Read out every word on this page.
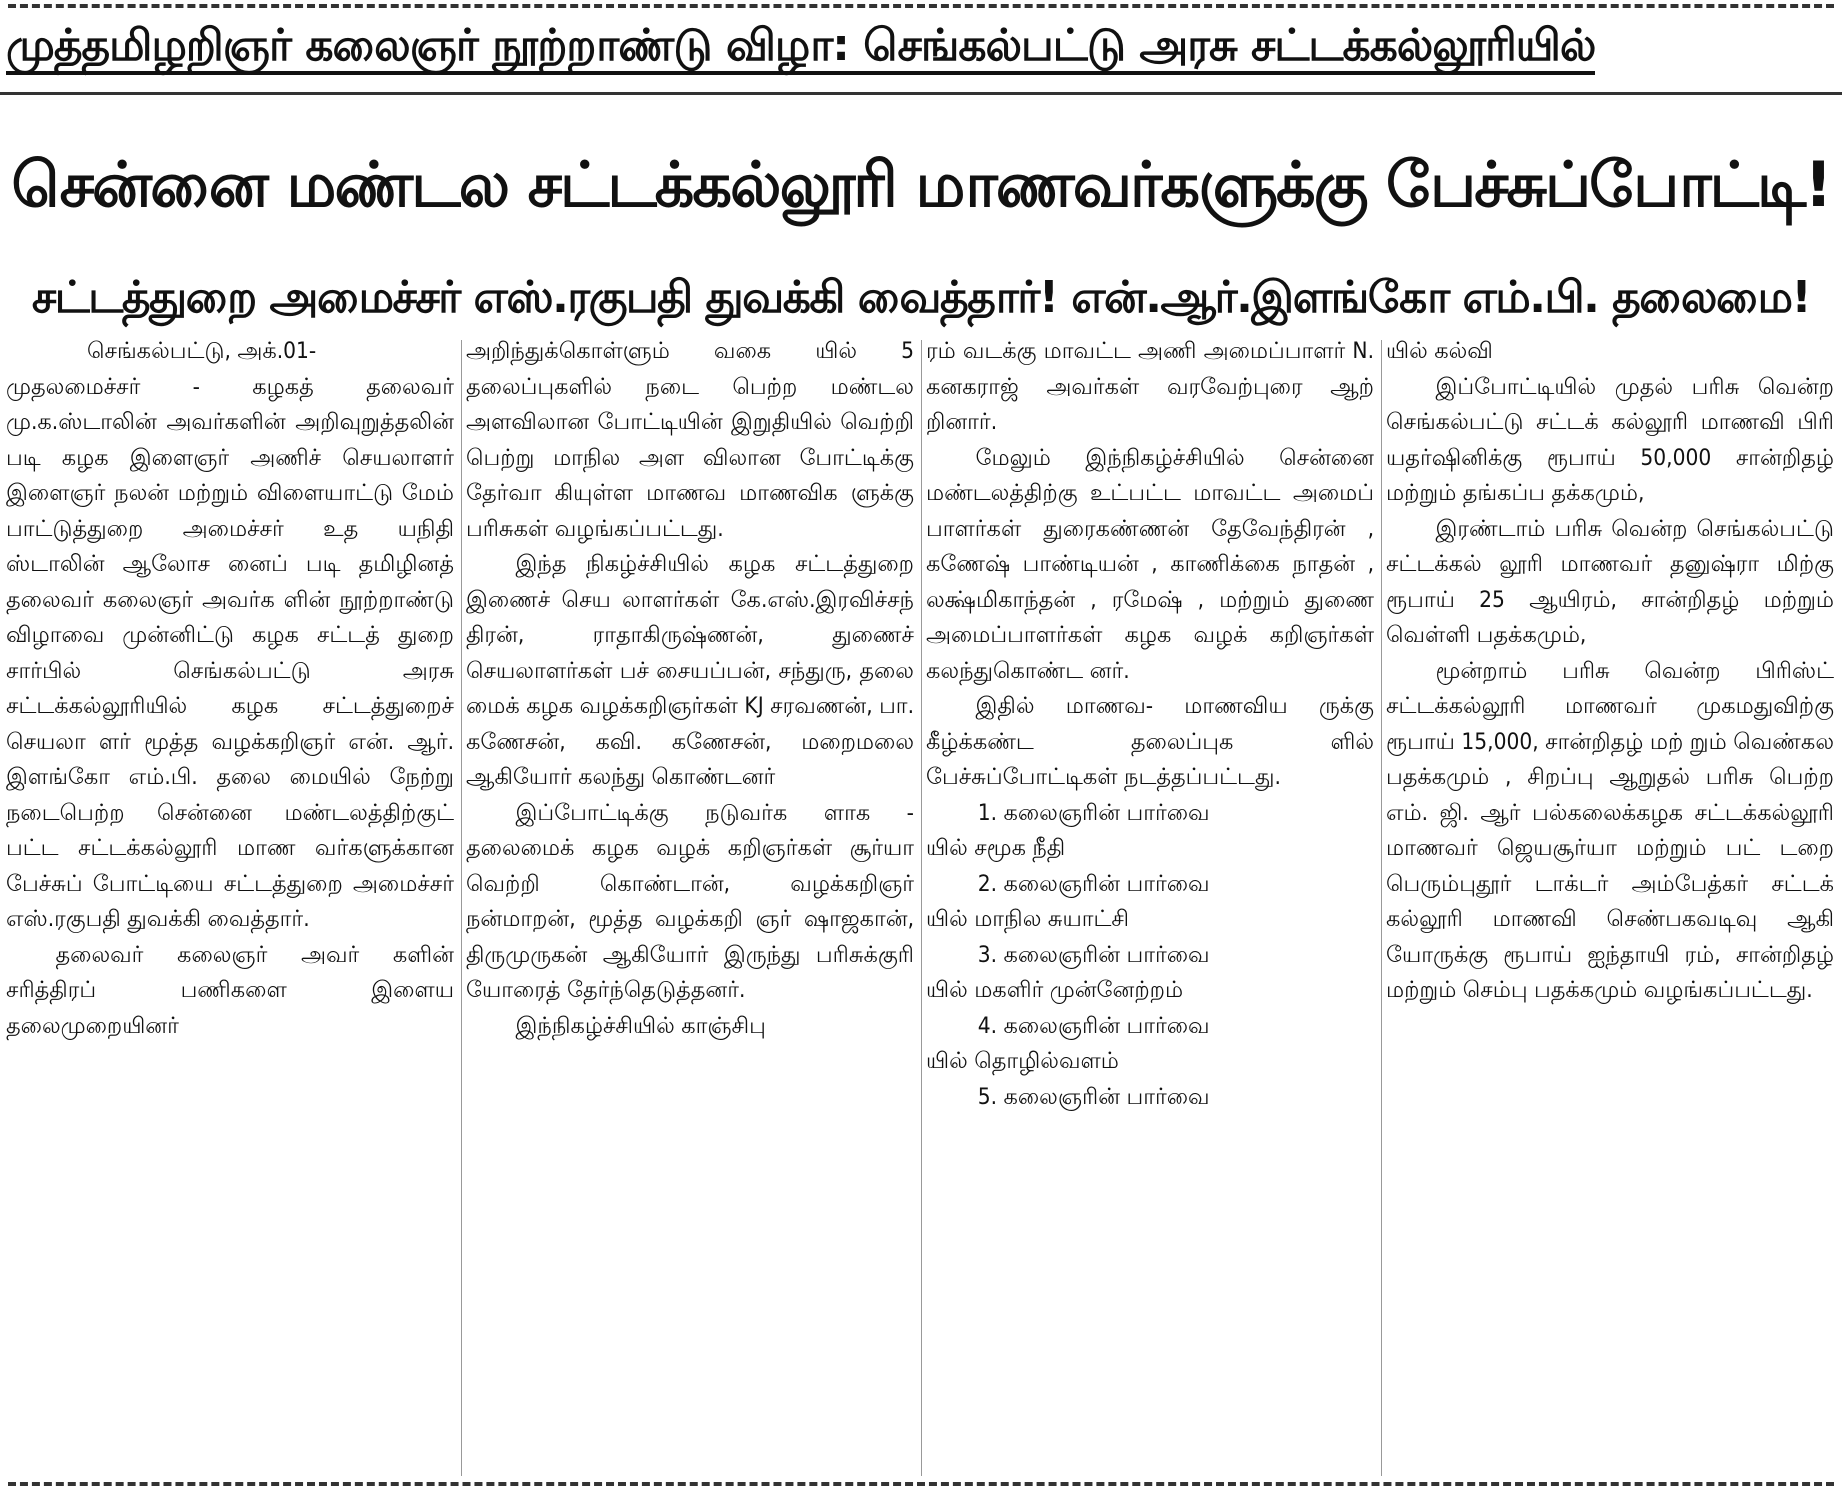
முத்தமிழறிஞர் கலைஞர் நூற்றாண்டு விழா: செங்கல்பட்டு அரசு சட்டக்கல்லூரியில்
சென்னை மண்டல சட்டக்கல்லூரி மாணவர்களுக்கு பேச்சுப்போட்டி!
சட்டத்துறை அமைச்சர் எஸ்.ரகுபதி துவக்கி வைத்தார்! என்.ஆர்.இளங்கோ எம்.பி. தலைமை!

செங்கல்பட்டு, அக்.01-

முதலமைச்சர் - கழகத் தலைவர் மு.க.ஸ்டாலின் அவர்களின் அறிவுறுத்தலின் படி கழக இளைஞர் அணிச் செயலாளர் இளைஞர் நலன் மற்றும் விளையாட்டு மேம் பாட்டுத்துறை அமைச்சர் உத யநிதி ஸ்டாலின் ஆலோச னைப் படி தமிழினத் தலைவர் கலைஞர் அவர்க ளின் நூற்றாண்டு விழாவை முன்னிட்டு கழக சட்டத் துறை சார்பில் செங்கல்பட்டு அரசு சட்டக்கல்லூரியில் கழக சட்டத்துறைச் செயலா ளர் மூத்த வழக்கறிஞர் என். ஆர். இளங்கோ எம்.பி. தலை மையில் நேற்று நடைபெற்ற சென்னை மண்டலத்திற்குட் பட்ட சட்டக்கல்லூரி மாண வர்களுக்கான பேச்சுப் போட்டியை சட்டத்துறை அமைச்சர் எஸ்.ரகுபதி துவக்கி வைத்தார்.

தலைவர் கலைஞர் அவர் களின் சரித்திரப் பணிகளை இளைய தலைமுறையினர்

அறிந்துக்கொள்ளும் வகை யில் 5 தலைப்புகளில் நடை பெற்ற மண்டல அளவிலான போட்டியின் இறுதியில் வெற்றி பெற்று மாநில அள விலான போட்டிக்கு தேர்வா கியுள்ள மாணவ மாணவிக ளுக்கு பரிசுகள் வழங்கப்பட்டது.

இந்த நிகழ்ச்சியில் கழக சட்டத்துறை இணைச் செய லாளர்கள் கே.எஸ்.இரவிச்சந் திரன், ராதாகிருஷ்ணன், துணைச் செயலாளர்கள் பச் சையப்பன், சந்துரு, தலை மைக் கழக வழக்கறிஞர்கள் KJ சரவணன், பா. கணேசன், கவி. கணேசன், மறைமலை ஆகியோர் கலந்து கொண்டனர்

இப்போட்டிக்கு நடுவர்க ளாக - தலைமைக் கழக வழக் கறிஞர்கள் சூர்யா வெற்றி கொண்டான், வழக்கறிஞர் நன்மாறன், மூத்த வழக்கறி ஞர் ஷாஜகான், திருமுருகன் ஆகியோர் இருந்து பரிசுக்குரி யோரைத் தேர்ந்தெடுத்தனர்.

இந்நிகழ்ச்சியில் காஞ்சிபு

ரம் வடக்கு மாவட்ட அணி அமைப்பாளர் N. கனகராஜ் அவர்கள் வரவேற்புரை ஆற் றினார்.

மேலும் இந்நிகழ்ச்சியில் சென்னை மண்டலத்திற்கு உட்பட்ட மாவட்ட அமைப் பாளர்கள் துரைகண்ணன் தேவேந்திரன் , கணேஷ் பாண்டியன் , காணிக்கை நாதன் , லக்ஷ்மிகாந்தன் , ரமேஷ் , மற்றும் துணை அமைப்பாளர்கள் கழக வழக் கறிஞர்கள் கலந்துகொண்ட னர்.

இதில் மாணவ- மாணவிய ருக்கு கீழ்க்கண்ட தலைப்புக ளில் பேச்சுப்போட்டிகள் நடத்தப்பட்டது.

1. கலைஞரின் பார்வை

யில் சமூக நீதி

2. கலைஞரின் பார்வை

யில் மாநில சுயாட்சி

3. கலைஞரின் பார்வை

யில் மகளிர் முன்னேற்றம்

4. கலைஞரின் பார்வை

யில் தொழில்வளம்

5. கலைஞரின் பார்வை

யில் கல்வி

இப்போட்டியில் முதல் பரிசு வென்ற செங்கல்பட்டு சட்டக் கல்லூரி மாணவி பிரி யதர்ஷினிக்கு ரூபாய் 50,000 சான்றிதழ் மற்றும் தங்கப்ப தக்கமும்,

இரண்டாம் பரிசு வென்ற செங்கல்பட்டு சட்டக்கல் லூரி மாணவர் தனுஷ்ரா மிற்கு ரூபாய் 25 ஆயிரம், சான்றிதழ் மற்றும் வெள்ளி பதக்கமும்,

மூன்றாம் பரிசு வென்ற பிரிஸ்ட் சட்டக்கல்லூரி மாணவர் முகமதுவிற்கு ரூபாய் 15,000, சான்றிதழ் மற் றும் வெண்கல பதக்கமும் , சிறப்பு ஆறுதல் பரிசு பெற்ற எம். ஜி. ஆர் பல்கலைக்கழக சட்டக்கல்லூரி மாணவர் ஜெயசூர்யா மற்றும் பட் டறை பெரும்புதூர் டாக்டர் அம்பேத்கர் சட்டக் கல்லூரி மாணவி செண்பகவடிவு ஆகி யோருக்கு ரூபாய் ஐந்தாயி ரம், சான்றிதழ் மற்றும் செம்பு பதக்கமும் வழங்கப்பட்டது.
